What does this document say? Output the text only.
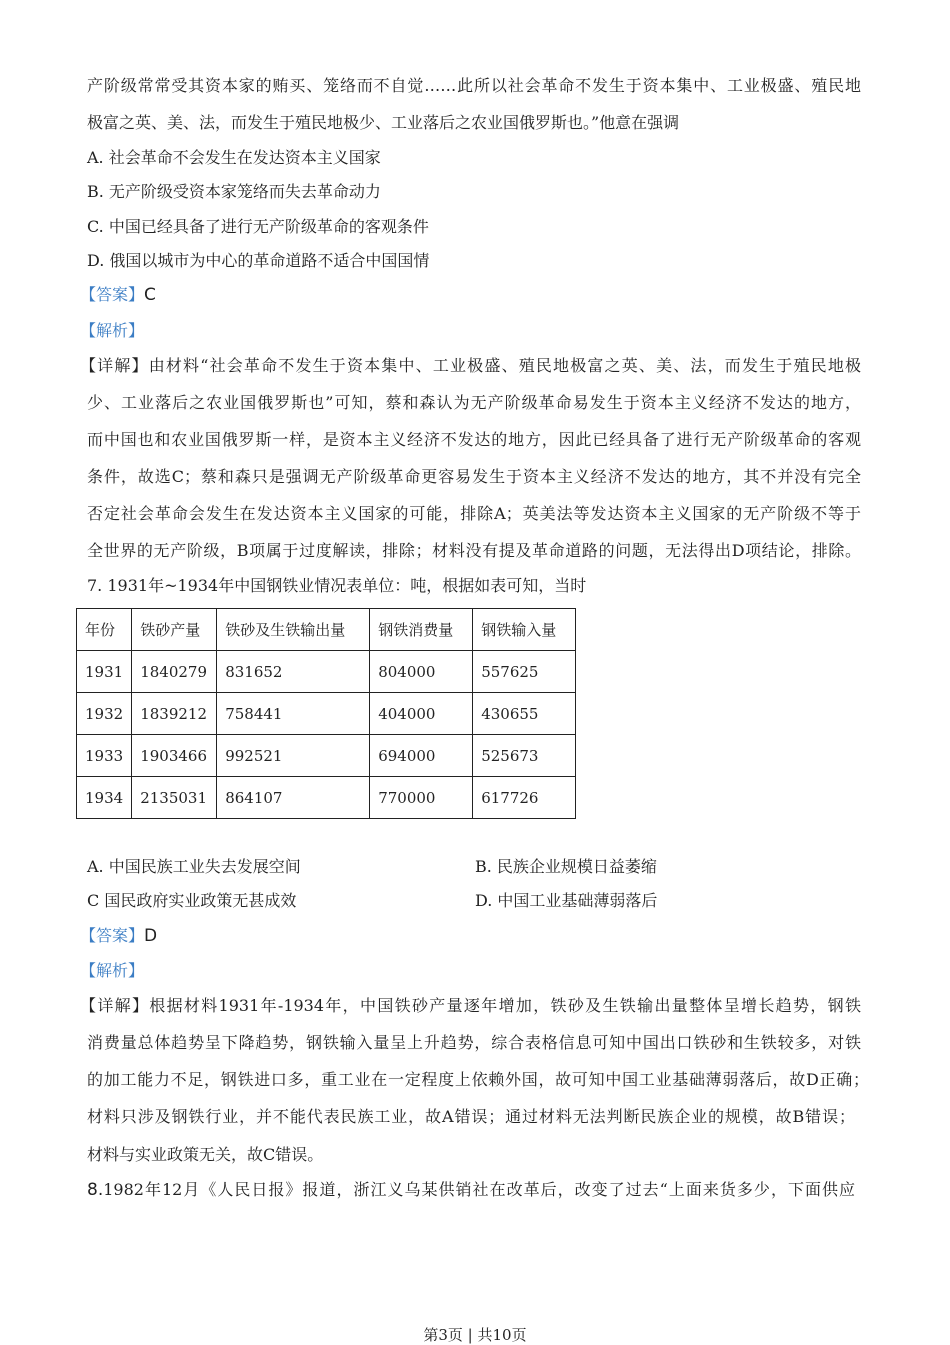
产阶级常常受其资本家的贿买、笼络而不自觉……此所以社会革命不发生于资本集中、工业极盛、殖民地
极富之英、美、法，而发生于殖民地极少、工业落后之农业国俄罗斯也。”他意在强调
A. 社会革命不会发生在发达资本主义国家
B. 无产阶级受资本家笼络而失去革命动力
C. 中国已经具备了进行无产阶级革命的客观条件
D. 俄国以城市为中心的革命道路不适合中国国情
【答案】C
【解析】
【详解】由材料“社会革命不发生于资本集中、工业极盛、殖民地极富之英、美、法，而发生于殖民地极
少、工业落后之农业国俄罗斯也”可知，蔡和森认为无产阶级革命易发生于资本主义经济不发达的地方，
而中国也和农业国俄罗斯一样，是资本主义经济不发达的地方，因此已经具备了进行无产阶级革命的客观
条件，故选C；蔡和森只是强调无产阶级革命更容易发生于资本主义经济不发达的地方，其不并没有完全
否定社会革命会发生在发达资本主义国家的可能，排除A；英美法等发达资本主义国家的无产阶级不等于
全世界的无产阶级，B项属于过度解读，排除；材料没有提及革命道路的问题，无法得出D项结论，排除。
7. 1931年~1934年中国钢铁业情况表单位：吨，根据如表可知，当时
年份	铁砂产量	铁砂及生铁输出量	钢铁消费量	钢铁输入量
1931	1840279	831652	804000	557625
1932	1839212	758441	404000	430655
1933	1903466	992521	694000	525673
1934	2135031	864107	770000	617726
A. 中国民族工业失去发展空间	B. 民族企业规模日益萎缩
C 国民政府实业政策无甚成效	D. 中国工业基础薄弱落后
【答案】D
【解析】
【详解】根据材料1931年-1934年，中国铁砂产量逐年增加，铁砂及生铁输出量整体呈增长趋势，钢铁
消费量总体趋势呈下降趋势，钢铁输入量呈上升趋势，综合表格信息可知中国出口铁砂和生铁较多，对铁
的加工能力不足，钢铁进口多，重工业在一定程度上依赖外国，故可知中国工业基础薄弱落后，故D正确；
材料只涉及钢铁行业，并不能代表民族工业，故A错误；通过材料无法判断民族企业的规模，故B错误；
材料与实业政策无关，故C错误。
8.1982年12月《人民日报》报道，浙江义乌某供销社在改革后，改变了过去“上面来货多少，下面供应
第3页 | 共10页
